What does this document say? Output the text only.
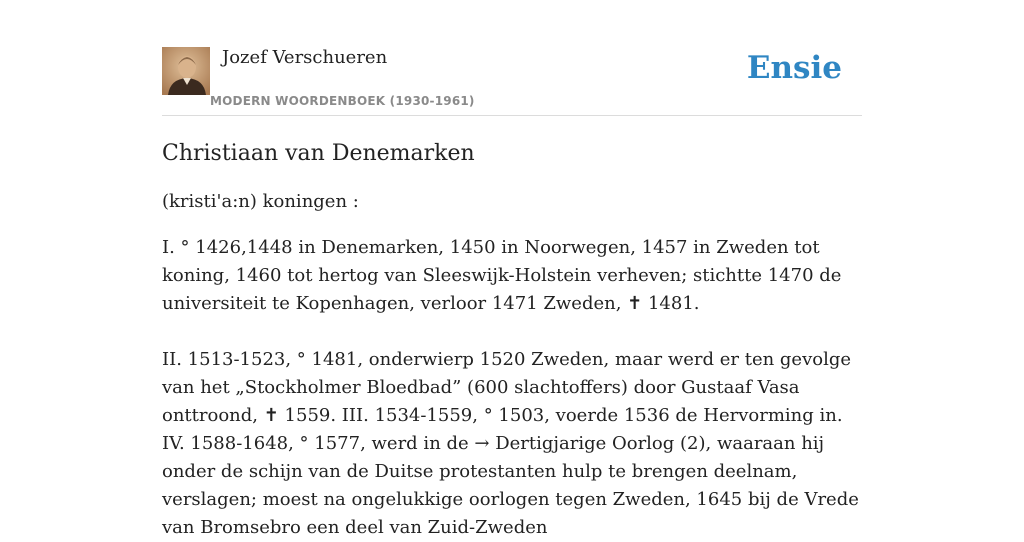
Jozef Verschueren
MODERN WOORDENBOEK (1930-1961)
Ensie
Christiaan van Denemarken

(kristi'a:n) koningen :

I. ° 1426,1448 in Denemarken, 1450 in Noorwegen, 1457 in Zweden tot koning, 1460 tot hertog van Sleeswijk-Holstein verheven; stichtte 1470 de universiteit te Kopenhagen, verloor 1471 Zweden, ✝ 1481.

II. 1513-1523, ° 1481, onderwierp 1520 Zweden, maar werd er ten gevolge van het „Stockholmer Bloedbad” (600 slachtoffers) door Gustaaf Vasa onttroond, ✝ 1559. III. 1534-1559, ° 1503, voerde 1536 de Hervorming in. IV. 1588-1648, ° 1577, werd in de → Dertigjarige Oorlog (2), waaraan hij onder de schijn van de Duitse protestanten hulp te brengen deelnam, verslagen; moest na ongelukkige oorlogen tegen Zweden, 1645 bij de Vrede van Bromsebro een deel van Zuid-Zweden
